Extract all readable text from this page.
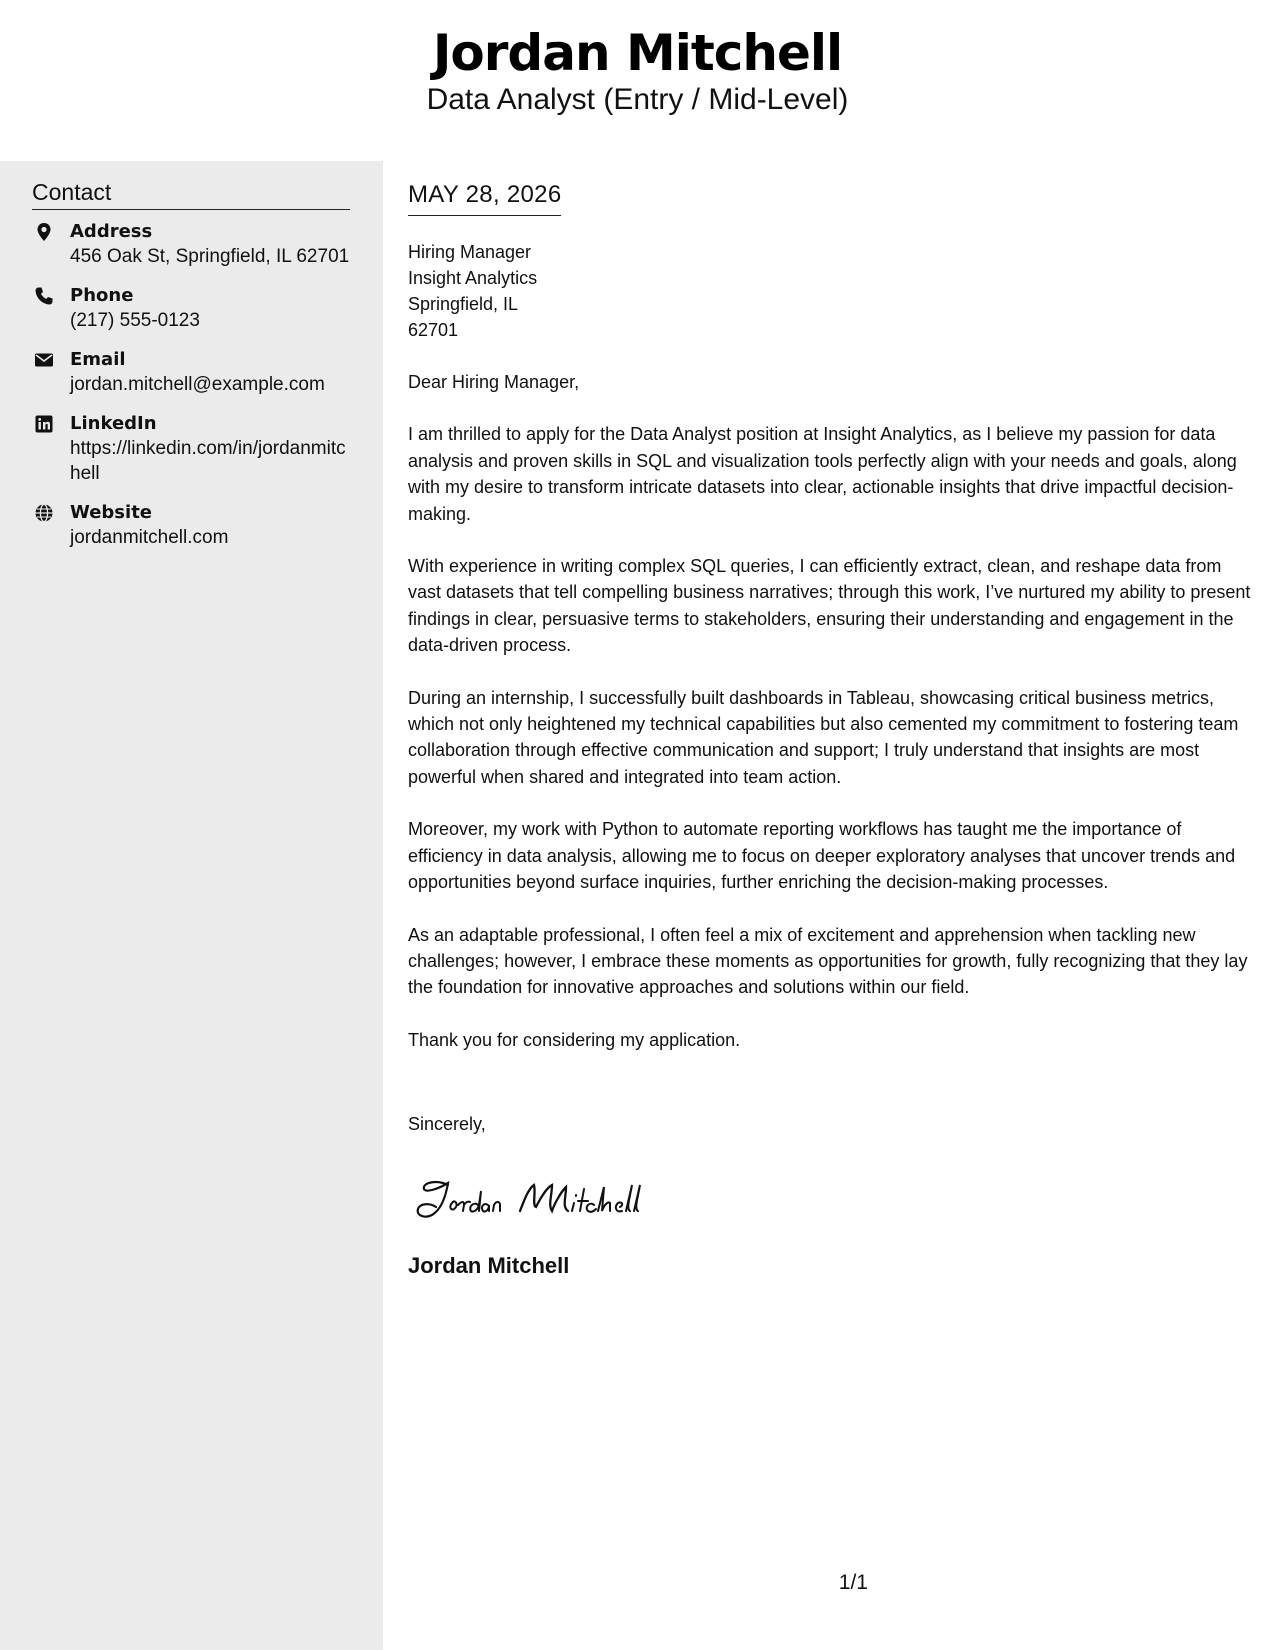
Jordan Mitchell
Data Analyst (Entry / Mid-Level)
Contact
Address
456 Oak St, Springfield, IL 62701
Phone
(217) 555-0123
Email
jordan.mitchell@example.com
LinkedIn
https://linkedin.com/in/jordanmitchell
Website
jordanmitchell.com
MAY 28, 2026
Hiring Manager
Insight Analytics
Springfield, IL
62701

Dear Hiring Manager,

I am thrilled to apply for the Data Analyst position at Insight Analytics, as I believe my passion for data analysis and proven skills in SQL and visualization tools perfectly align with your needs and goals, along with my desire to transform intricate datasets into clear, actionable insights that drive impactful decision-making.

With experience in writing complex SQL queries, I can efficiently extract, clean, and reshape data from vast datasets that tell compelling business narratives; through this work, I’ve nurtured my ability to present findings in clear, persuasive terms to stakeholders, ensuring their understanding and engagement in the data-driven process.

During an internship, I successfully built dashboards in Tableau, showcasing critical business metrics, which not only heightened my technical capabilities but also cemented my commitment to fostering team collaboration through effective communication and support; I truly understand that insights are most powerful when shared and integrated into team action.

Moreover, my work with Python to automate reporting workflows has taught me the importance of efficiency in data analysis, allowing me to focus on deeper exploratory analyses that uncover trends and opportunities beyond surface inquiries, further enriching the decision-making processes.

As an adaptable professional, I often feel a mix of excitement and apprehension when tackling new challenges; however, I embrace these moments as opportunities for growth, fully recognizing that they lay the foundation for innovative approaches and solutions within our field.

Thank you for considering my application.

Sincerely,
Jordan Mitchell
1/1
